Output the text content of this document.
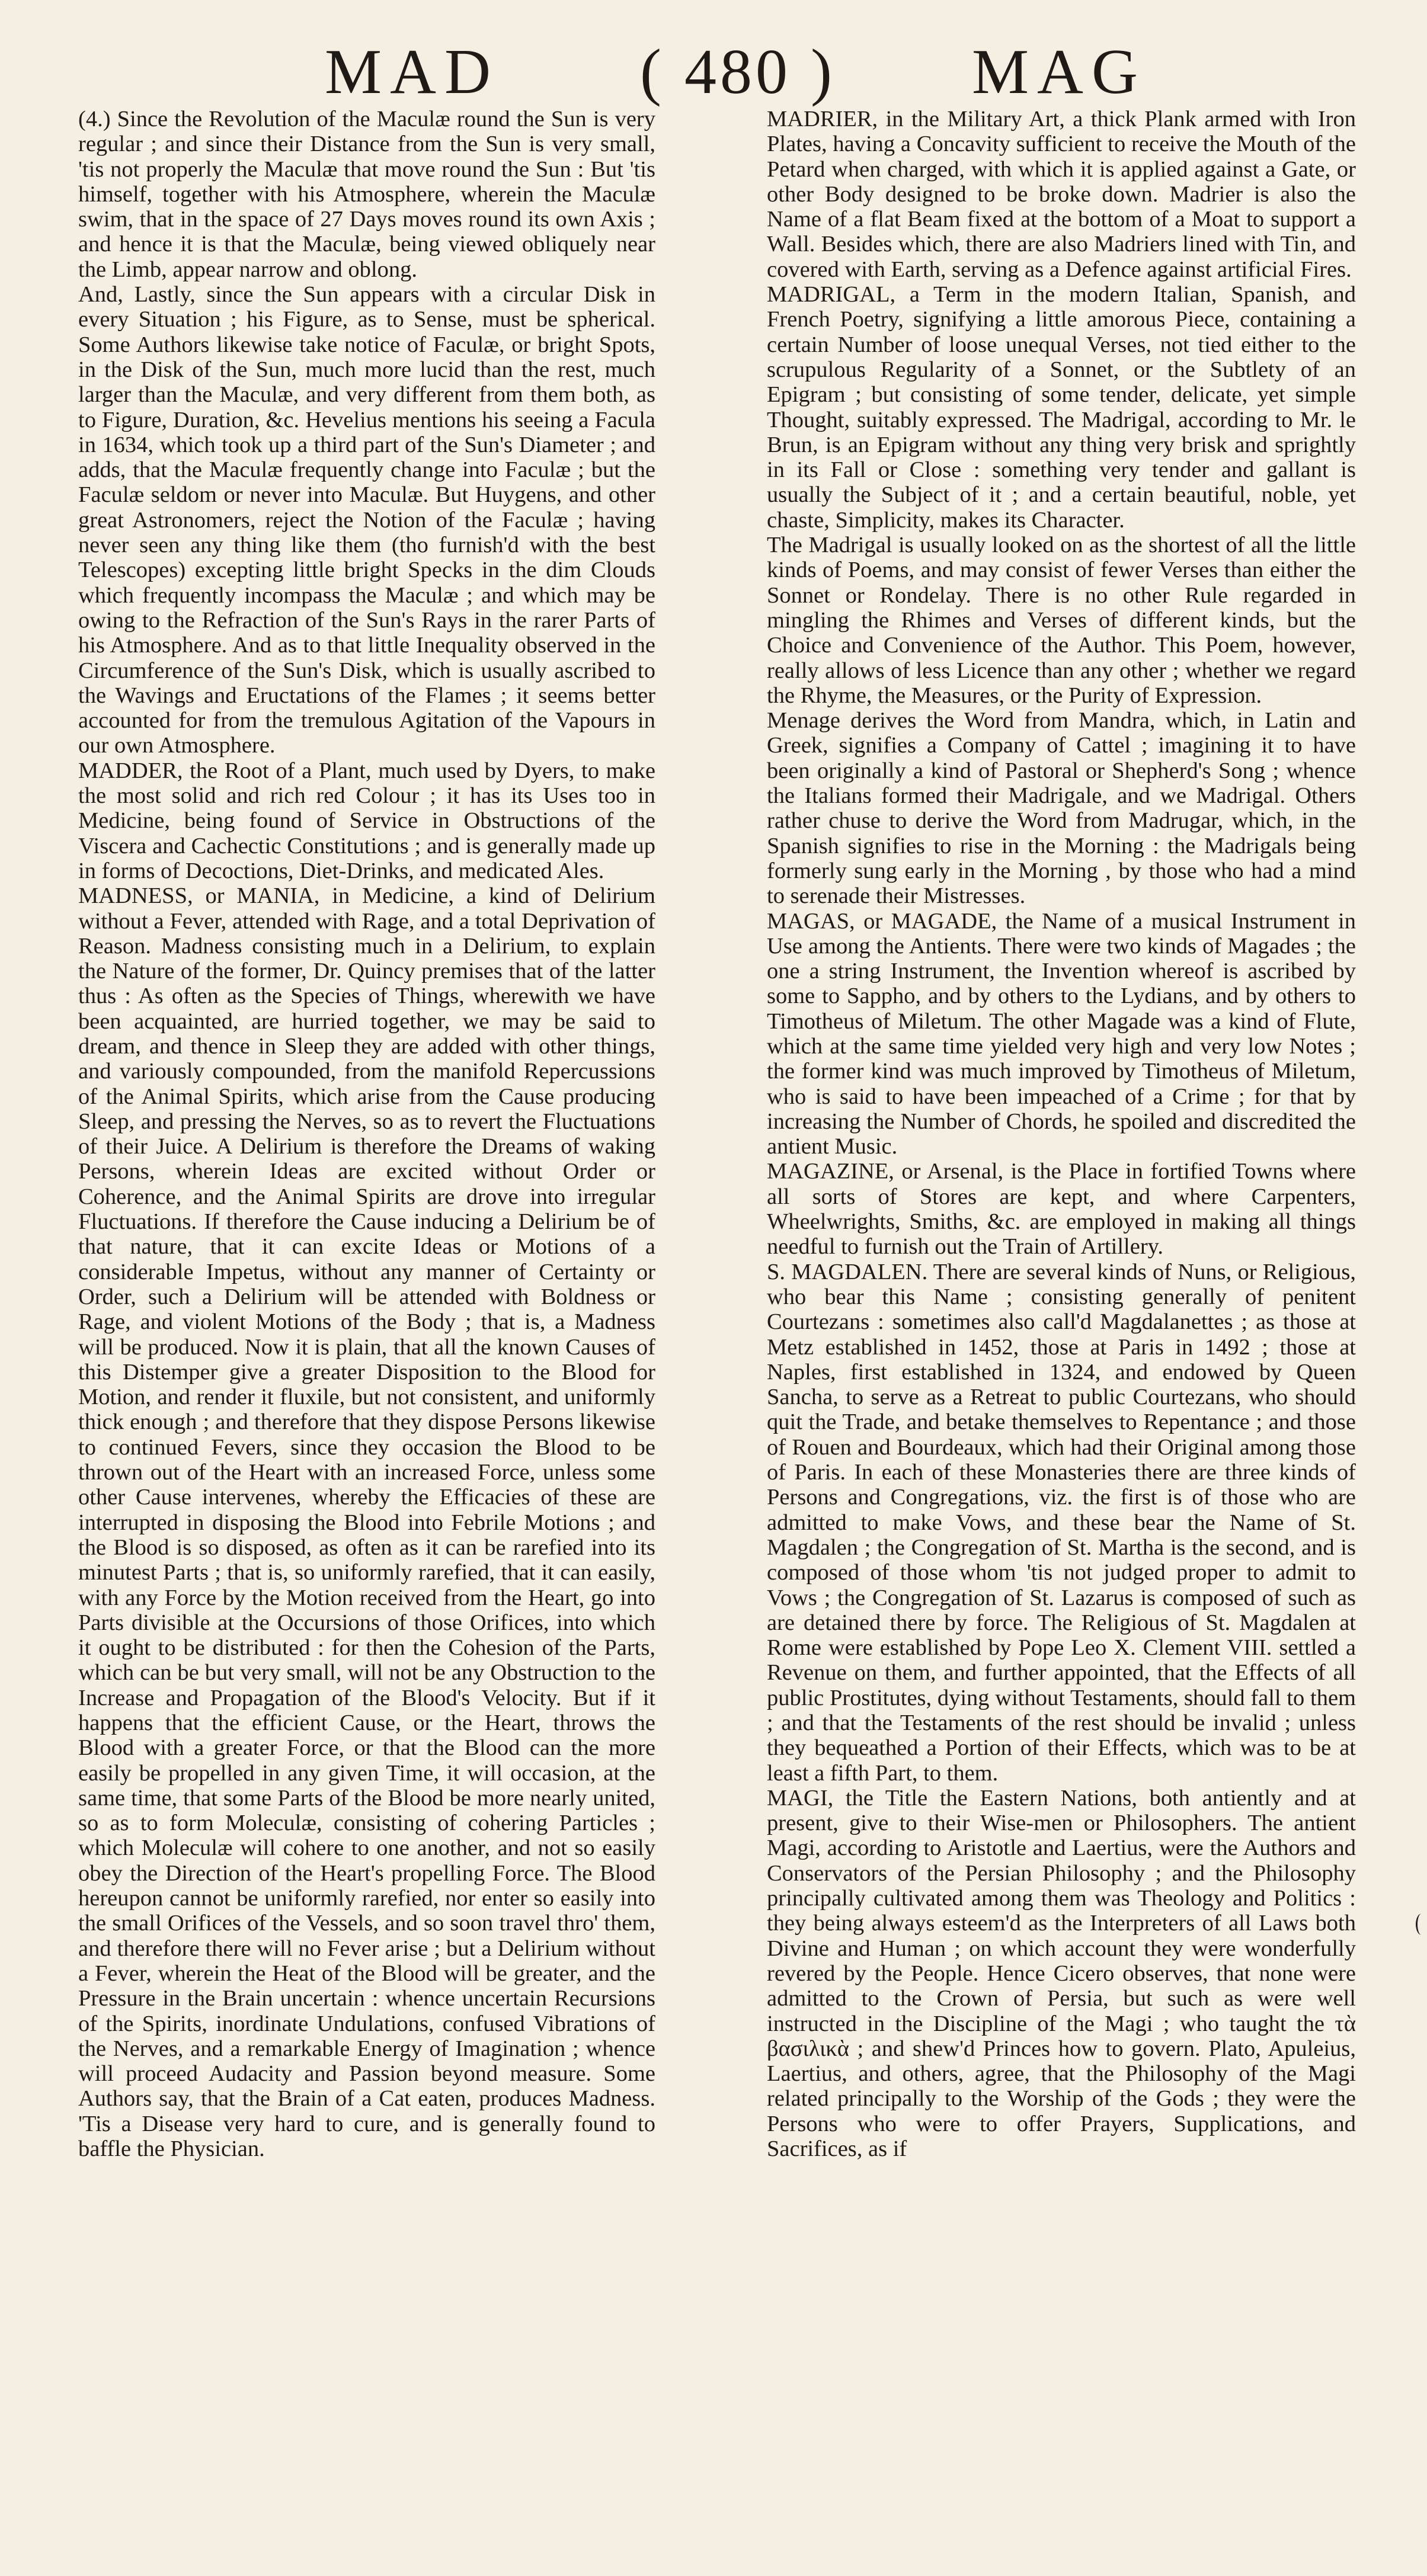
MAD ( 480 ) MAG

(4.) Since the Revolution of the Maculæ round the Sun is very regular ; and since their Distance from the Sun is very small, 'tis not properly the Maculæ that move round the Sun : But 'tis himself, together with his Atmosphere, wherein the Maculæ swim, that in the space of 27 Days moves round its own Axis ; and hence it is that the Maculæ, being viewed obliquely near the Limb, appear narrow and oblong.

And, Lastly, since the Sun appears with a circular Disk in every Situation ; his Figure, as to Sense, must be spherical. Some Authors likewise take notice of Faculæ, or bright Spots, in the Disk of the Sun, much more lucid than the rest, much larger than the Maculæ, and very different from them both, as to Figure, Duration, &c. Hevelius mentions his seeing a Facula in 1634, which took up a third part of the Sun's Diameter ; and adds, that the Maculæ frequently change into Faculæ ; but the Faculæ seldom or never into Maculæ. But Huygens, and other great Astronomers, reject the Notion of the Faculæ ; having never seen any thing like them (tho furnish'd with the best Telescopes) excepting little bright Specks in the dim Clouds which frequently incompass the Maculæ ; and which may be owing to the Refraction of the Sun's Rays in the rarer Parts of his Atmosphere. And as to that little Inequality observed in the Circumference of the Sun's Disk, which is usually ascribed to the Wavings and Eructations of the Flames ; it seems better accounted for from the tremulous Agitation of the Vapours in our own Atmosphere.

MADDER, the Root of a Plant, much used by Dyers, to make the most solid and rich red Colour ; it has its Uses too in Medicine, being found of Service in Obstructions of the Viscera and Cachectic Constitutions ; and is generally made up in forms of Decoctions, Diet-Drinks, and medicated Ales.

MADNESS, or MANIA, in Medicine, a kind of Delirium without a Fever, attended with Rage, and a total Deprivation of Reason. Madness consisting much in a Delirium, to explain the Nature of the former, Dr. Quincy premises that of the latter thus : As often as the Species of Things, wherewith we have been acquainted, are hurried together, we may be said to dream, and thence in Sleep they are added with other things, and variously compounded, from the manifold Repercussions of the Animal Spirits, which arise from the Cause producing Sleep, and pressing the Nerves, so as to revert the Fluctuations of their Juice. A Delirium is therefore the Dreams of waking Persons, wherein Ideas are excited without Order or Coherence, and the Animal Spirits are drove into irregular Fluctuations. If therefore the Cause inducing a Delirium be of that nature, that it can excite Ideas or Motions of a considerable Impetus, without any manner of Certainty or Order, such a Delirium will be attended with Boldness or Rage, and violent Motions of the Body ; that is, a Madness will be produced. Now it is plain, that all the known Causes of this Distemper give a greater Disposition to the Blood for Motion, and render it fluxile, but not consistent, and uniformly thick enough ; and therefore that they dispose Persons likewise to continued Fevers, since they occasion the Blood to be thrown out of the Heart with an increased Force, unless some other Cause intervenes, whereby the Efficacies of these are interrupted in disposing the Blood into Febrile Motions ; and the Blood is so disposed, as often as it can be rarefied into its minutest Parts ; that is, so uniformly rarefied, that it can easily, with any Force by the Motion received from the Heart, go into Parts divisible at the Occursions of those Orifices, into which it ought to be distributed : for then the Cohesion of the Parts, which can be but very small, will not be any Obstruction to the Increase and Propagation of the Blood's Velocity. But if it happens that the efficient Cause, or the Heart, throws the Blood with a greater Force, or that the Blood can the more easily be propelled in any given Time, it will occasion, at the same time, that some Parts of the Blood be more nearly united, so as to form Moleculæ, consisting of cohering Particles ; which Moleculæ will cohere to one another, and not so easily obey the Direction of the Heart's propelling Force. The Blood hereupon cannot be uniformly rarefied, nor enter so easily into the small Orifices of the Vessels, and so soon travel thro' them, and therefore there will no Fever arise ; but a Delirium without a Fever, wherein the Heat of the Blood will be greater, and the Pressure in the Brain uncertain : whence uncertain Recursions of the Spirits, inordinate Undulations, confused Vibrations of the Nerves, and a remarkable Energy of Imagination ; whence will proceed Audacity and Passion beyond measure. Some Authors say, that the Brain of a Cat eaten, produces Madness. 'Tis a Disease very hard to cure, and is generally found to baffle the Physician.

MADRIER, in the Military Art, a thick Plank armed with Iron Plates, having a Concavity sufficient to receive the Mouth of the Petard when charged, with which it is applied against a Gate, or other Body designed to be broke down. Madrier is also the Name of a flat Beam fixed at the bottom of a Moat to support a Wall. Besides which, there are also Madriers lined with Tin, and covered with Earth, serving as a Defence against artificial Fires.

MADRIGAL, a Term in the modern Italian, Spanish, and French Poetry, signifying a little amorous Piece, containing a certain Number of loose unequal Verses, not tied either to the scrupulous Regularity of a Sonnet, or the Subtlety of an Epigram ; but consisting of some tender, delicate, yet simple Thought, suitably expressed. The Madrigal, according to Mr. le Brun, is an Epigram without any thing very brisk and sprightly in its Fall or Close : something very tender and gallant is usually the Subject of it ; and a certain beautiful, noble, yet chaste, Simplicity, makes its Character.

The Madrigal is usually looked on as the shortest of all the little kinds of Poems, and may consist of fewer Verses than either the Sonnet or Rondelay. There is no other Rule regarded in mingling the Rhimes and Verses of different kinds, but the Choice and Convenience of the Author. This Poem, however, really allows of less Licence than any other ; whether we regard the Rhyme, the Measures, or the Purity of Expression.

Menage derives the Word from Mandra, which, in Latin and Greek, signifies a Company of Cattel ; imagining it to have been originally a kind of Pastoral or Shepherd's Song ; whence the Italians formed their Madrigale, and we Madrigal. Others rather chuse to derive the Word from Madrugar, which, in the Spanish signifies to rise in the Morning : the Madrigals being formerly sung early in the Morning , by those who had a mind to serenade their Mistresses.

MAGAS, or MAGADE, the Name of a musical Instrument in Use among the Antients. There were two kinds of Magades ; the one a string Instrument, the Invention whereof is ascribed by some to Sappho, and by others to the Lydians, and by others to Timotheus of Miletum. The other Magade was a kind of Flute, which at the same time yielded very high and very low Notes ; the former kind was much improved by Timotheus of Miletum, who is said to have been impeached of a Crime ; for that by increasing the Number of Chords, he spoiled and discredited the antient Music.

MAGAZINE, or Arsenal, is the Place in fortified Towns where all sorts of Stores are kept, and where Carpenters, Wheelwrights, Smiths, &c. are employed in making all things needful to furnish out the Train of Artillery.

S. MAGDALEN. There are several kinds of Nuns, or Religious, who bear this Name ; consisting generally of penitent Courtezans : sometimes also call'd Magdalanettes ; as those at Metz established in 1452, those at Paris in 1492 ; those at Naples, first established in 1324, and endowed by Queen Sancha, to serve as a Retreat to public Courtezans, who should quit the Trade, and betake themselves to Repentance ; and those of Rouen and Bourdeaux, which had their Original among those of Paris. In each of these Monasteries there are three kinds of Persons and Congregations, viz. the first is of those who are admitted to make Vows, and these bear the Name of St. Magdalen ; the Congregation of St. Martha is the second, and is composed of those whom 'tis not judged proper to admit to Vows ; the Congregation of St. Lazarus is composed of such as are detained there by force. The Religious of St. Magdalen at Rome were established by Pope Leo X. Clement VIII. settled a Revenue on them, and further appointed, that the Effects of all public Prostitutes, dying without Testaments, should fall to them ; and that the Testaments of the rest should be invalid ; unless they bequeathed a Portion of their Effects, which was to be at least a fifth Part, to them.

MAGI, the Title the Eastern Nations, both antiently and at present, give to their Wise-men or Philosophers. The antient Magi, according to Aristotle and Laertius, were the Authors and Conservators of the Persian Philosophy ; and the Philosophy principally cultivated among them was Theology and Politics : they being always esteem'd as the Interpreters of all Laws both Divine and Human ; on which account they were wonderfully revered by the People. Hence Cicero observes, that none were admitted to the Crown of Persia, but such as were well instructed in the Discipline of the Magi ; who taught the τὰ βασιλικὰ ; and shew'd Princes how to govern. Plato, Apuleius, Laertius, and others, agree, that the Philosophy of the Magi related principally to the Worship of the Gods ; they were the Persons who were to offer Prayers, Supplications, and Sacrifices, as if
